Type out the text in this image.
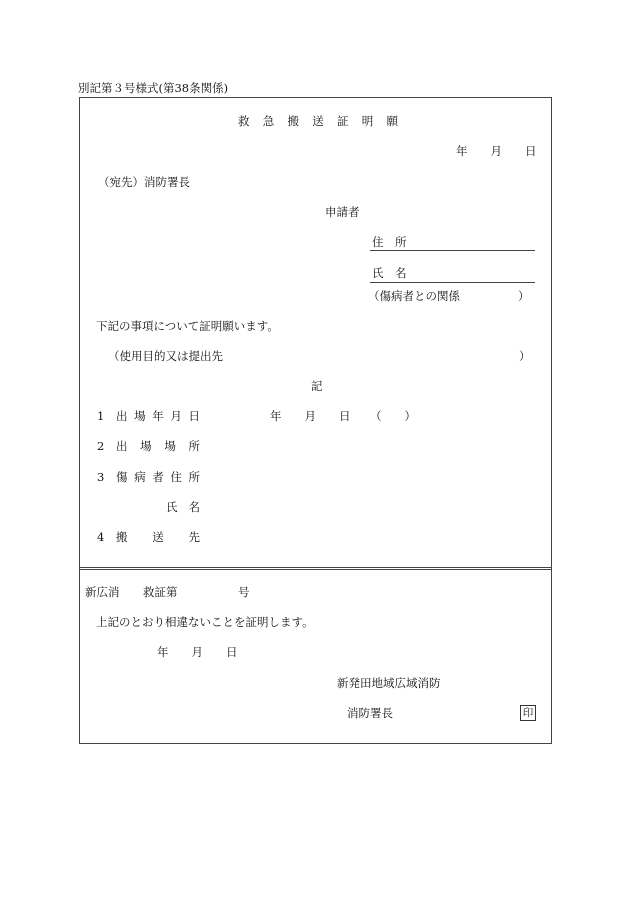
別記第３号様式(第38条関係)
救 急 搬 送 証 明 願
年　　月　　日
（宛先）消防署長
申請者
住　所
氏　名
（傷病者との関係	）
下記の事項について証明願います。
（使用目的又は提出先	）
記
1 出 場 年 月 日	年　　月　　日 （　　）
2 出 場 場 所
3 傷 病 者 住 所
氏 名
4 搬 送 先
新広消 救証第	号
上記のとおり相違ないことを証明します。
年　　月　　日
新発田地域広域消防
消防署長	印
